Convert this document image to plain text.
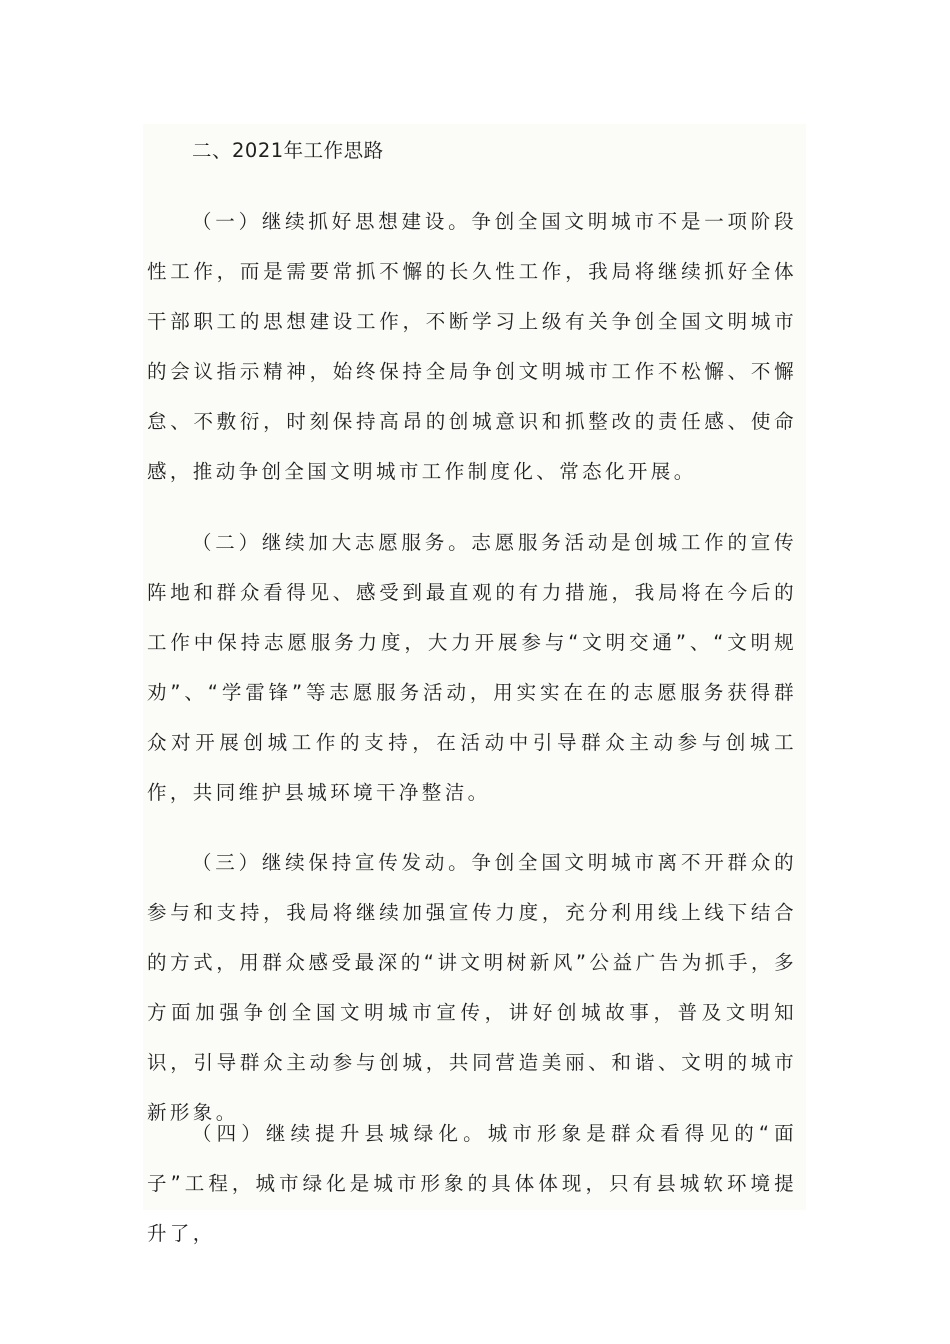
二、2021年工作思路

（一）继续抓好思想建设。争创全国文明城市不是一项阶段性工作，而是需要常抓不懈的长久性工作，我局将继续抓好全体干部职工的思想建设工作，不断学习上级有关争创全国文明城市的会议指示精神，始终保持全局争创文明城市工作不松懈、不懈怠、不敷衍，时刻保持高昂的创城意识和抓整改的责任感、使命感，推动争创全国文明城市工作制度化、常态化开展。

（二）继续加大志愿服务。志愿服务活动是创城工作的宣传阵地和群众看得见、感受到最直观的有力措施，我局将在今后的工作中保持志愿服务力度，大力开展参与“文明交通”、“文明规劝”、“学雷锋”等志愿服务活动，用实实在在的志愿服务获得群众对开展创城工作的支持，在活动中引导群众主动参与创城工作，共同维护县城环境干净整洁。

（三）继续保持宣传发动。争创全国文明城市离不开群众的参与和支持，我局将继续加强宣传力度，充分利用线上线下结合的方式，用群众感受最深的“讲文明树新风”公益广告为抓手，多方面加强争创全国文明城市宣传，讲好创城故事，普及文明知识，引导群众主动参与创城，共同营造美丽、和谐、文明的城市新形象。

（四）继续提升县城绿化。城市形象是群众看得见的“面子”工程，城市绿化是城市形象的具体体现，只有县城软环境提升了，
